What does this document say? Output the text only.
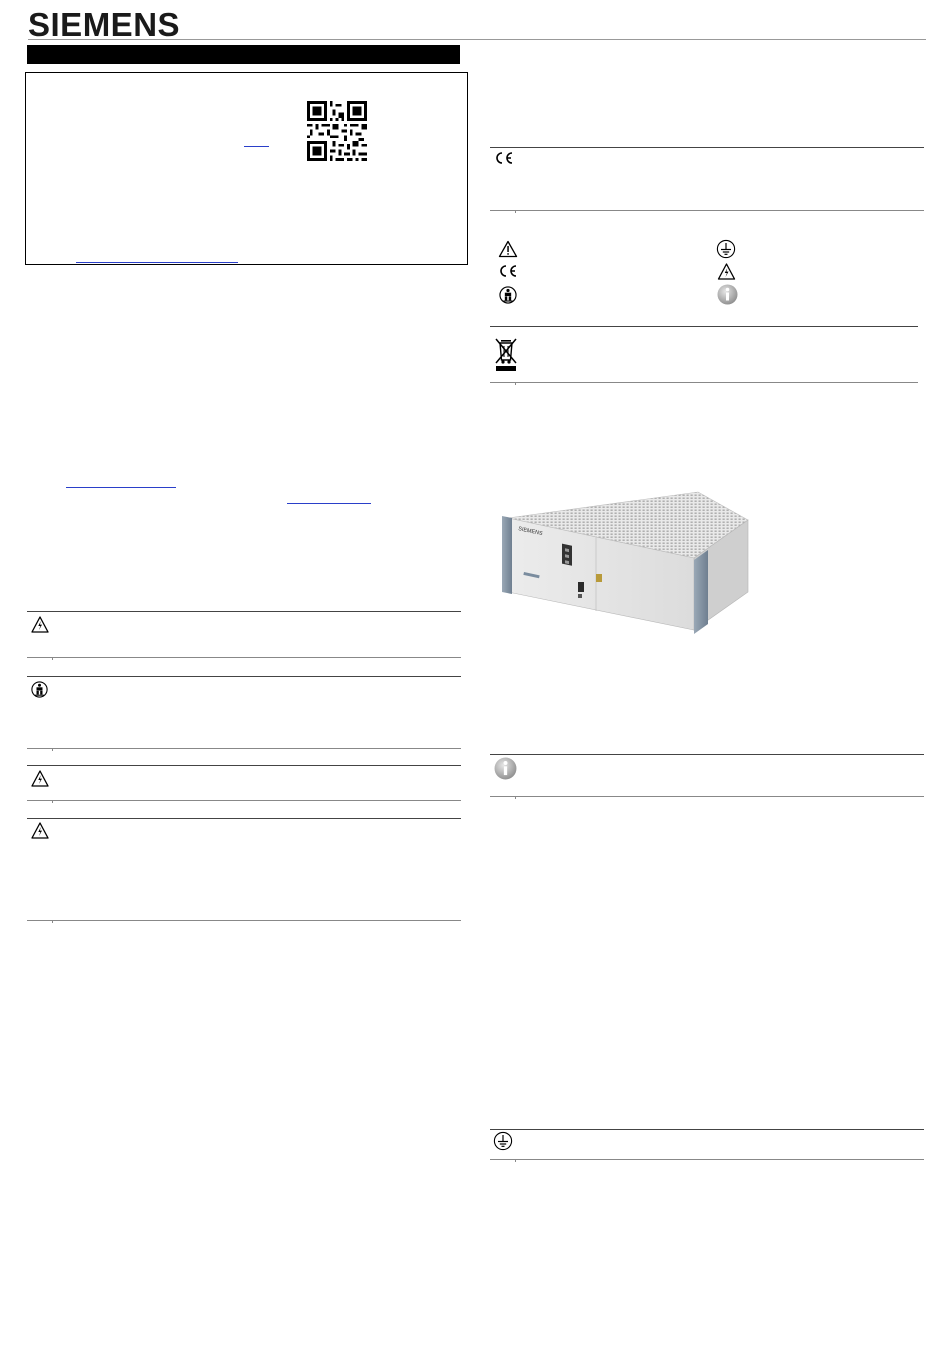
SIEMENS
SIEMENS
